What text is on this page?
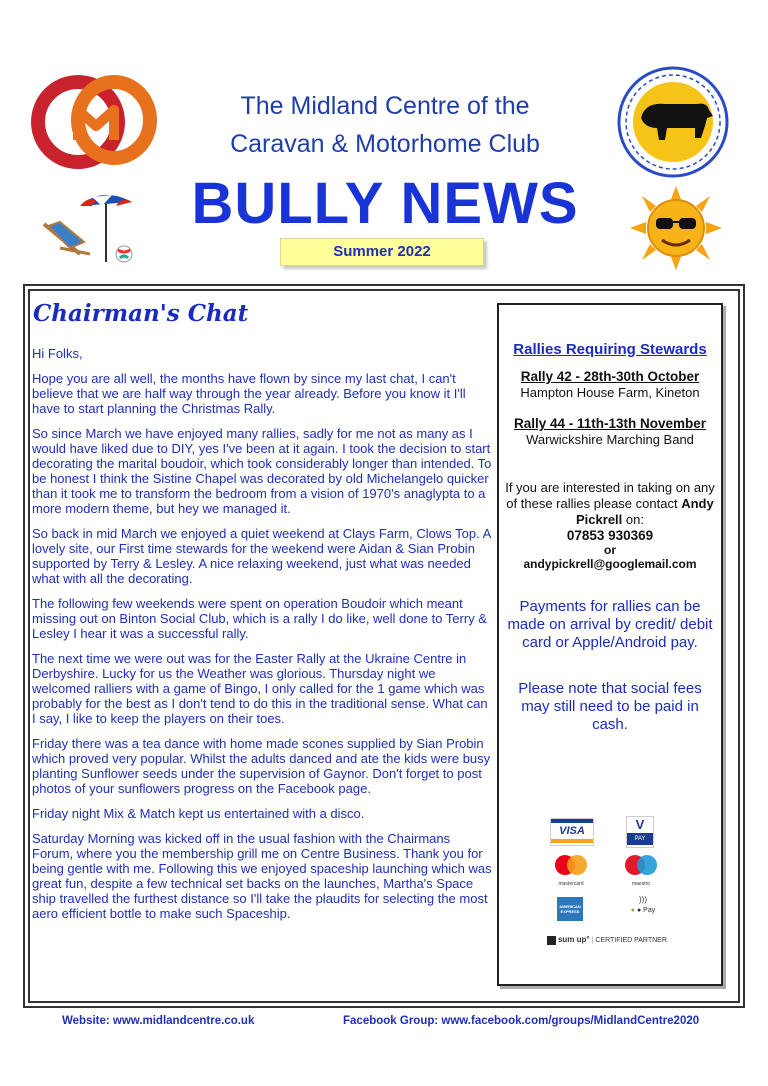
The Midland Centre of the
Caravan & Motorhome Club
BULLY NEWS
Summer 2022
Chairman's Chat

Hi Folks,

Hope you are all well, the months have flown by since my last chat, I can't believe that we are half way through the year already. Before you know it I'll have to start planning the Christmas Rally.

So since March we have enjoyed many rallies, sadly for me not as many as I would have liked due to DIY, yes I've been at it again. I took the decision to start decorating the marital boudoir, which took considerably longer than intended. To be honest I think the Sistine Chapel was decorated by old Michelangelo quicker than it took me to transform the bedroom from a vision of 1970's anaglypta to a more modern theme, but hey we managed it.

So back in mid March we enjoyed a quiet weekend at Clays Farm, Clows Top. A lovely site, our First time stewards for the weekend were Aidan & Sian Probin supported by Terry & Lesley. A nice relaxing weekend, just what was needed what with all the decorating.

The following few weekends were spent on operation Boudoir which meant missing out on Binton Social Club, which is a rally I do like, well done to Terry & Lesley I hear it was a successful rally.

The next time we were out was for the Easter Rally at the Ukraine Centre in Derbyshire. Lucky for us the Weather was glorious. Thursday night we welcomed ralliers with a game of Bingo, I only called for the 1 game which was probably for the best as I don't tend to do this in the traditional sense. What can I say, I like to keep the players on their toes.

Friday there was a tea dance with home made scones supplied by Sian Probin which proved very popular. Whilst the adults danced and ate the kids were busy planting Sunflower seeds under the supervision of Gaynor. Don't forget to post photos of your sunflowers progress on the Facebook page.

Friday night Mix & Match kept us entertained with a disco.

Saturday Morning was kicked off in the usual fashion with the Chairmans Forum, where you the membership grill me on Centre Business. Thank you for being gentle with me. Following this we enjoyed spaceship launching which was great fun, despite a few technical set backs on the launches, Martha's Space ship travelled the furthest distance so I'll take the plaudits for selecting the most aero efficient bottle to make such Spaceship.

Rallies Requiring Stewards
Rally 42 - 28th-30th October
Hampton House Farm, Kineton
Rally 44 - 11th-13th November
Warwickshire Marching Band
If you are interested in taking on any of these rallies please contact Andy Pickrell on:
07853 930369
or
andypickrell@googlemail.com
Payments for rallies can be made on arrival by credit/ debit card or Apple/Android pay.
Please note that social fees may still need to be paid in cash.
VISA	V
PAY
mastercard	maestro
AMERICAN EXPRESS
)))
● ● Pay
sum up° | CERTIFIED PARTNER
Website: www.midlandcentre.co.uk	Facebook Group: www.facebook.com/groups/MidlandCentre2020
